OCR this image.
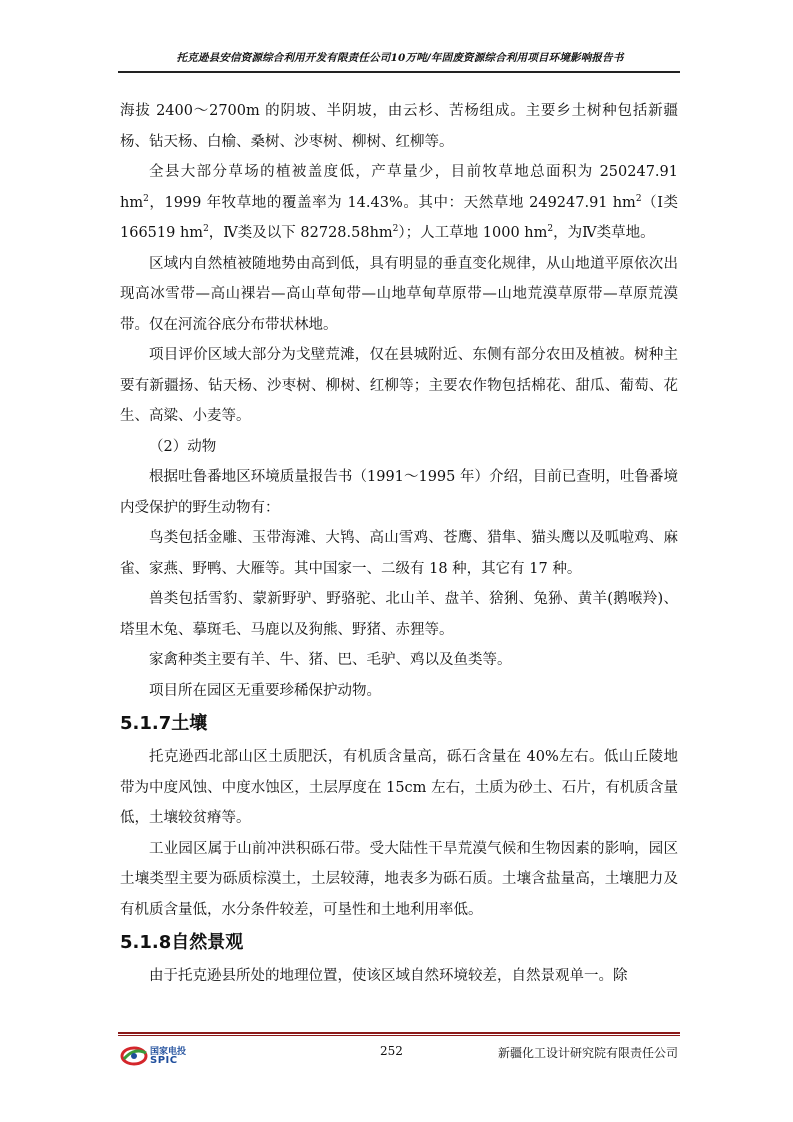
托克逊县安信资源综合利用开发有限责任公司10万吨/年固废资源综合利用项目环境影响报告书

海拔 2400～2700m 的阴坡、半阴坡，由云杉、苦杨组成。主要乡土树种包括新疆杨、钻天杨、白榆、桑树、沙枣树、柳树、红柳等。

全县大部分草场的植被盖度低，产草量少，目前牧草地总面积为 250247.91 $hm^2$，1999 年牧草地的覆盖率为 14.43%。其中：天然草地 249247.91 $hm^2(Ⅰ$类 166519 $hm^2$，Ⅳ类及以下 $82728.58hm^2$）；人工草地 1000 $hm^2$，为Ⅳ类草地。

区域内自然植被随地势由高到低，具有明显的垂直变化规律，从山地道平原依次出现高冰雪带—高山裸岩—高山草甸带—山地草甸草原带—山地荒漠草原带—草原荒漠带。仅在河流谷底分布带状林地。

项目评价区域大部分为戈壁荒滩，仅在县城附近、东侧有部分农田及植被。树种主要有新疆扬、钻天杨、沙枣树、柳树、红柳等；主要农作物包括棉花、甜瓜、葡萄、花生、高粱、小麦等。

（2）动物

根据吐鲁番地区环境质量报告书（1991～1995 年）介绍，目前已查明，吐鲁番境内受保护的野生动物有：

鸟类包括金雕、玉带海滩、大鸨、高山雪鸡、苍鹰、猎隼、猫头鹰以及呱啦鸡、麻雀、家燕、野鸭、大雁等。其中国家一、二级有 18 种，其它有 17 种。

兽类包括雪豹、蒙新野驴、野骆驼、北山羊、盘羊、猞猁、兔狲、黄羊(鹅喉羚)、塔里木兔、摹斑毛、马鹿以及狗熊、野猪、赤狸等。

家禽种类主要有羊、牛、猪、巴、毛驴、鸡以及鱼类等。

项目所在园区无重要珍稀保护动物。

5.1.7土壤

托克逊西北部山区土质肥沃，有机质含量高，砾石含量在 40%左右。低山丘陵地带为中度风蚀、中度水蚀区，土层厚度在 15cm 左右，土质为砂土、石片，有机质含量低，土壤较贫瘠等。

工业园区属于山前冲洪积砾石带。受大陆性干旱荒漠气候和生物因素的影响，园区土壤类型主要为砾质棕漠土，土层较薄，地表多为砾石质。土壤含盐量高，土壤肥力及有机质含量低，水分条件较差，可垦性和土地利用率低。

5.1.8自然景观

由于托克逊县所处的地理位置，使该区域自然环境较差，自然景观单一。除

国家电投
SPIC
252	新疆化工设计研究院有限责任公司
